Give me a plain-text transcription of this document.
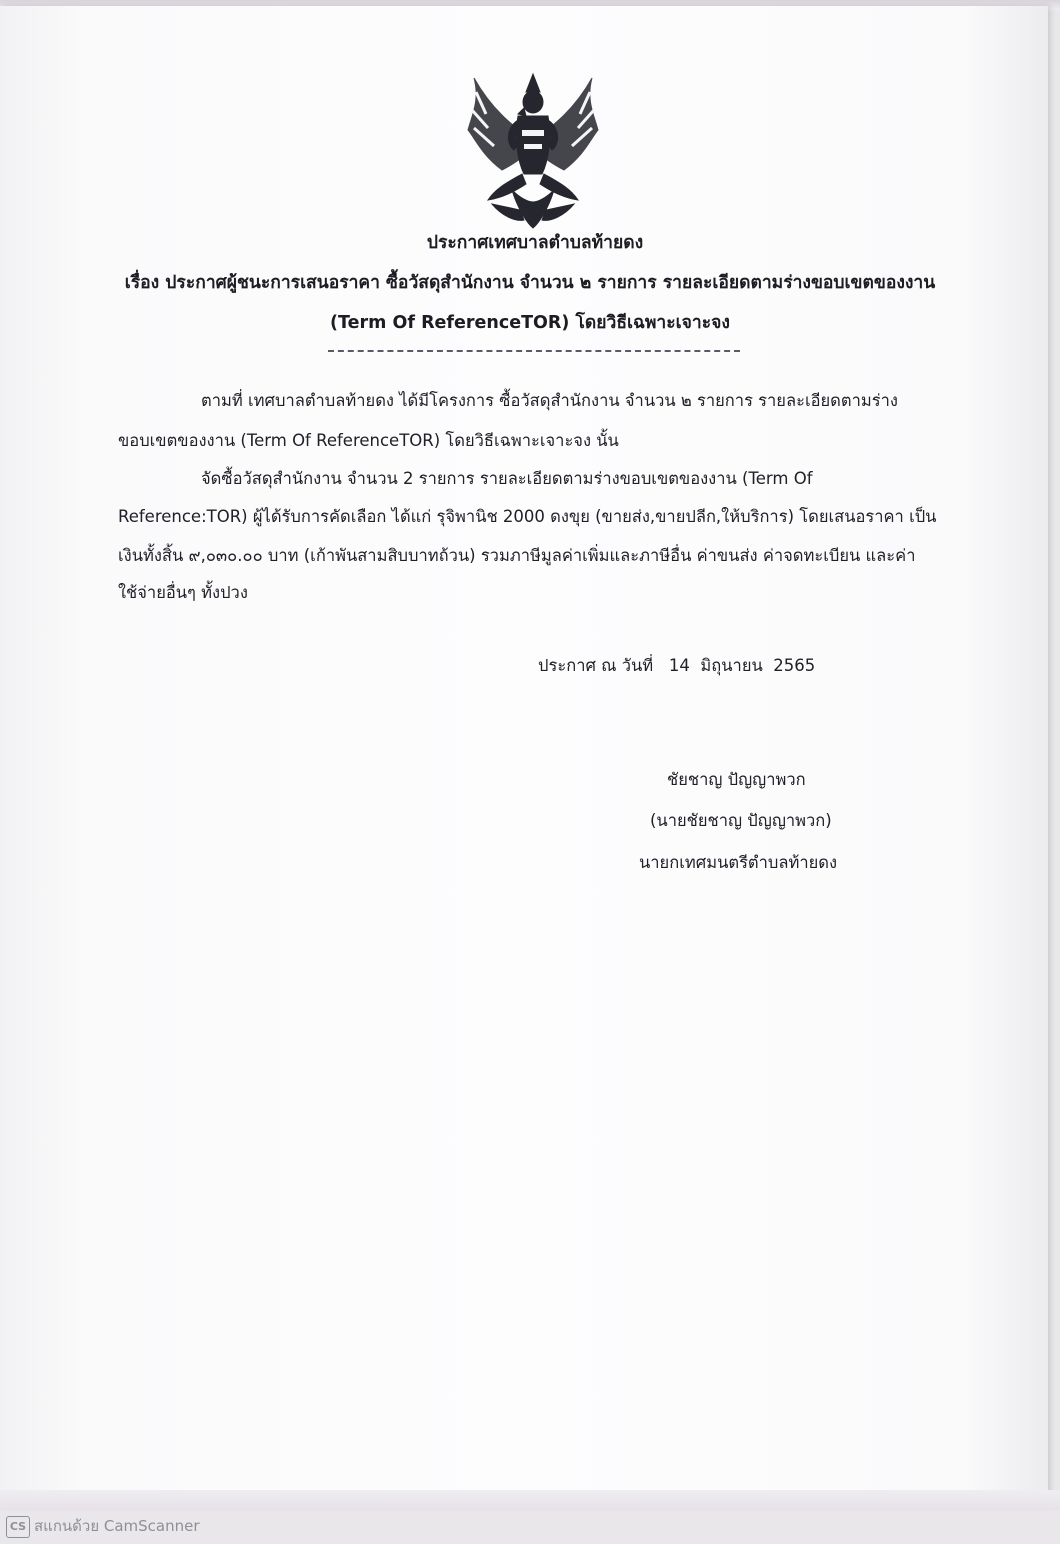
ประกาศเทศบาลตำบลท้ายดง
เรื่อง ประกาศผู้ชนะการเสนอราคา ซื้อวัสดุสำนักงาน จำนวน ๒ รายการ รายละเอียดตามร่างขอบเขตของงาน
(Term Of ReferenceTOR) โดยวิธีเฉพาะเจาะจง
ตามที่ เทศบาลตำบลท้ายดง ได้มีโครงการ ซื้อวัสดุสำนักงาน จำนวน ๒ รายการ รายละเอียดตามร่าง
ขอบเขตของงาน (Term Of ReferenceTOR) โดยวิธีเฉพาะเจาะจง นั้น
จัดซื้อวัสดุสำนักงาน จำนวน 2 รายการ รายละเอียดตามร่างขอบเขตของงาน (Term Of
Reference:TOR) ผู้ได้รับการคัดเลือก ได้แก่ รุจิพานิช 2000 ดงขุย (ขายส่ง,ขายปลีก,ให้บริการ) โดยเสนอราคา เป็น
เงินทั้งสิ้น ๙,๐๓๐.๐๐ บาท (เก้าพันสามสิบบาทถ้วน) รวมภาษีมูลค่าเพิ่มและภาษีอื่น ค่าขนส่ง ค่าจดทะเบียน และค่า
ใช้จ่ายอื่นๆ ทั้งปวง
ประกาศ ณ วันที่ 14 มิถุนายน 2565
ชัยชาญ ปัญญาพวก
(นายชัยชาญ ปัญญาพวก)
นายกเทศมนตรีตำบลท้ายดง
CS สแกนด้วย CamScanner
